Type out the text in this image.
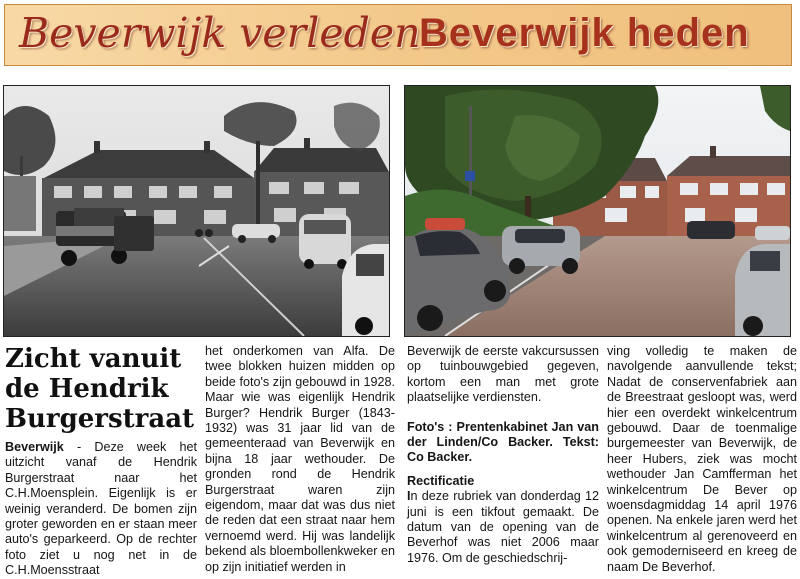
Beverwijk verleden
Beverwijk heden
Zicht vanuit de Hendrik Burgerstraat

Beverwijk - Deze week het uitzicht vanaf de Hendrik Burgerstraat naar het C.H.Moensplein. Eigenlijk is er weinig veranderd. De bomen zijn groter geworden en er staan meer auto's geparkeerd. Op de rechter foto ziet u nog net in de C.H.Moensstraat

het onderkomen van Alfa. De twee blokken huizen midden op beide foto's zijn gebouwd in 1928. Maar wie was eigenlijk Hendrik Burger? Hendrik Burger (1843-1932) was 31 jaar lid van de gemeenteraad van Beverwijk en bijna 18 jaar wethouder. De gronden rond de Hendrik Burgerstraat waren zijn eigendom, maar dat was dus niet de reden dat een straat naar hem vernoemd werd. Hij was landelijk bekend als bloembollenkweker en op zijn initiatief werden in

Beverwijk de eerste vakcursussen op tuinbouwgebied gegeven, kortom een man met grote plaatselijke verdiensten.

Foto's : Prentenkabinet Jan van der Linden/Co Backer. Tekst: Co Backer.

Rectificatie

In deze rubriek van donderdag 12 juni is een tikfout gemaakt. De datum van de opening van de Beverhof was niet 2006 maar 1976. Om de geschiedschrij-

ving volledig te maken de navolgende aanvullende tekst; Nadat de conservenfabriek aan de Breestraat gesloopt was, werd hier een overdekt winkelcentrum gebouwd. Daar de toenmalige burgemeester van Beverwijk, de heer Hubers, ziek was mocht wethouder Jan Camfferman het winkelcentrum De Bever op woensdagmiddag 14 april 1976 openen. Na enkele jaren werd het winkelcentrum al gerenoveerd en ook gemoderniseerd en kreeg de naam De Beverhof.
